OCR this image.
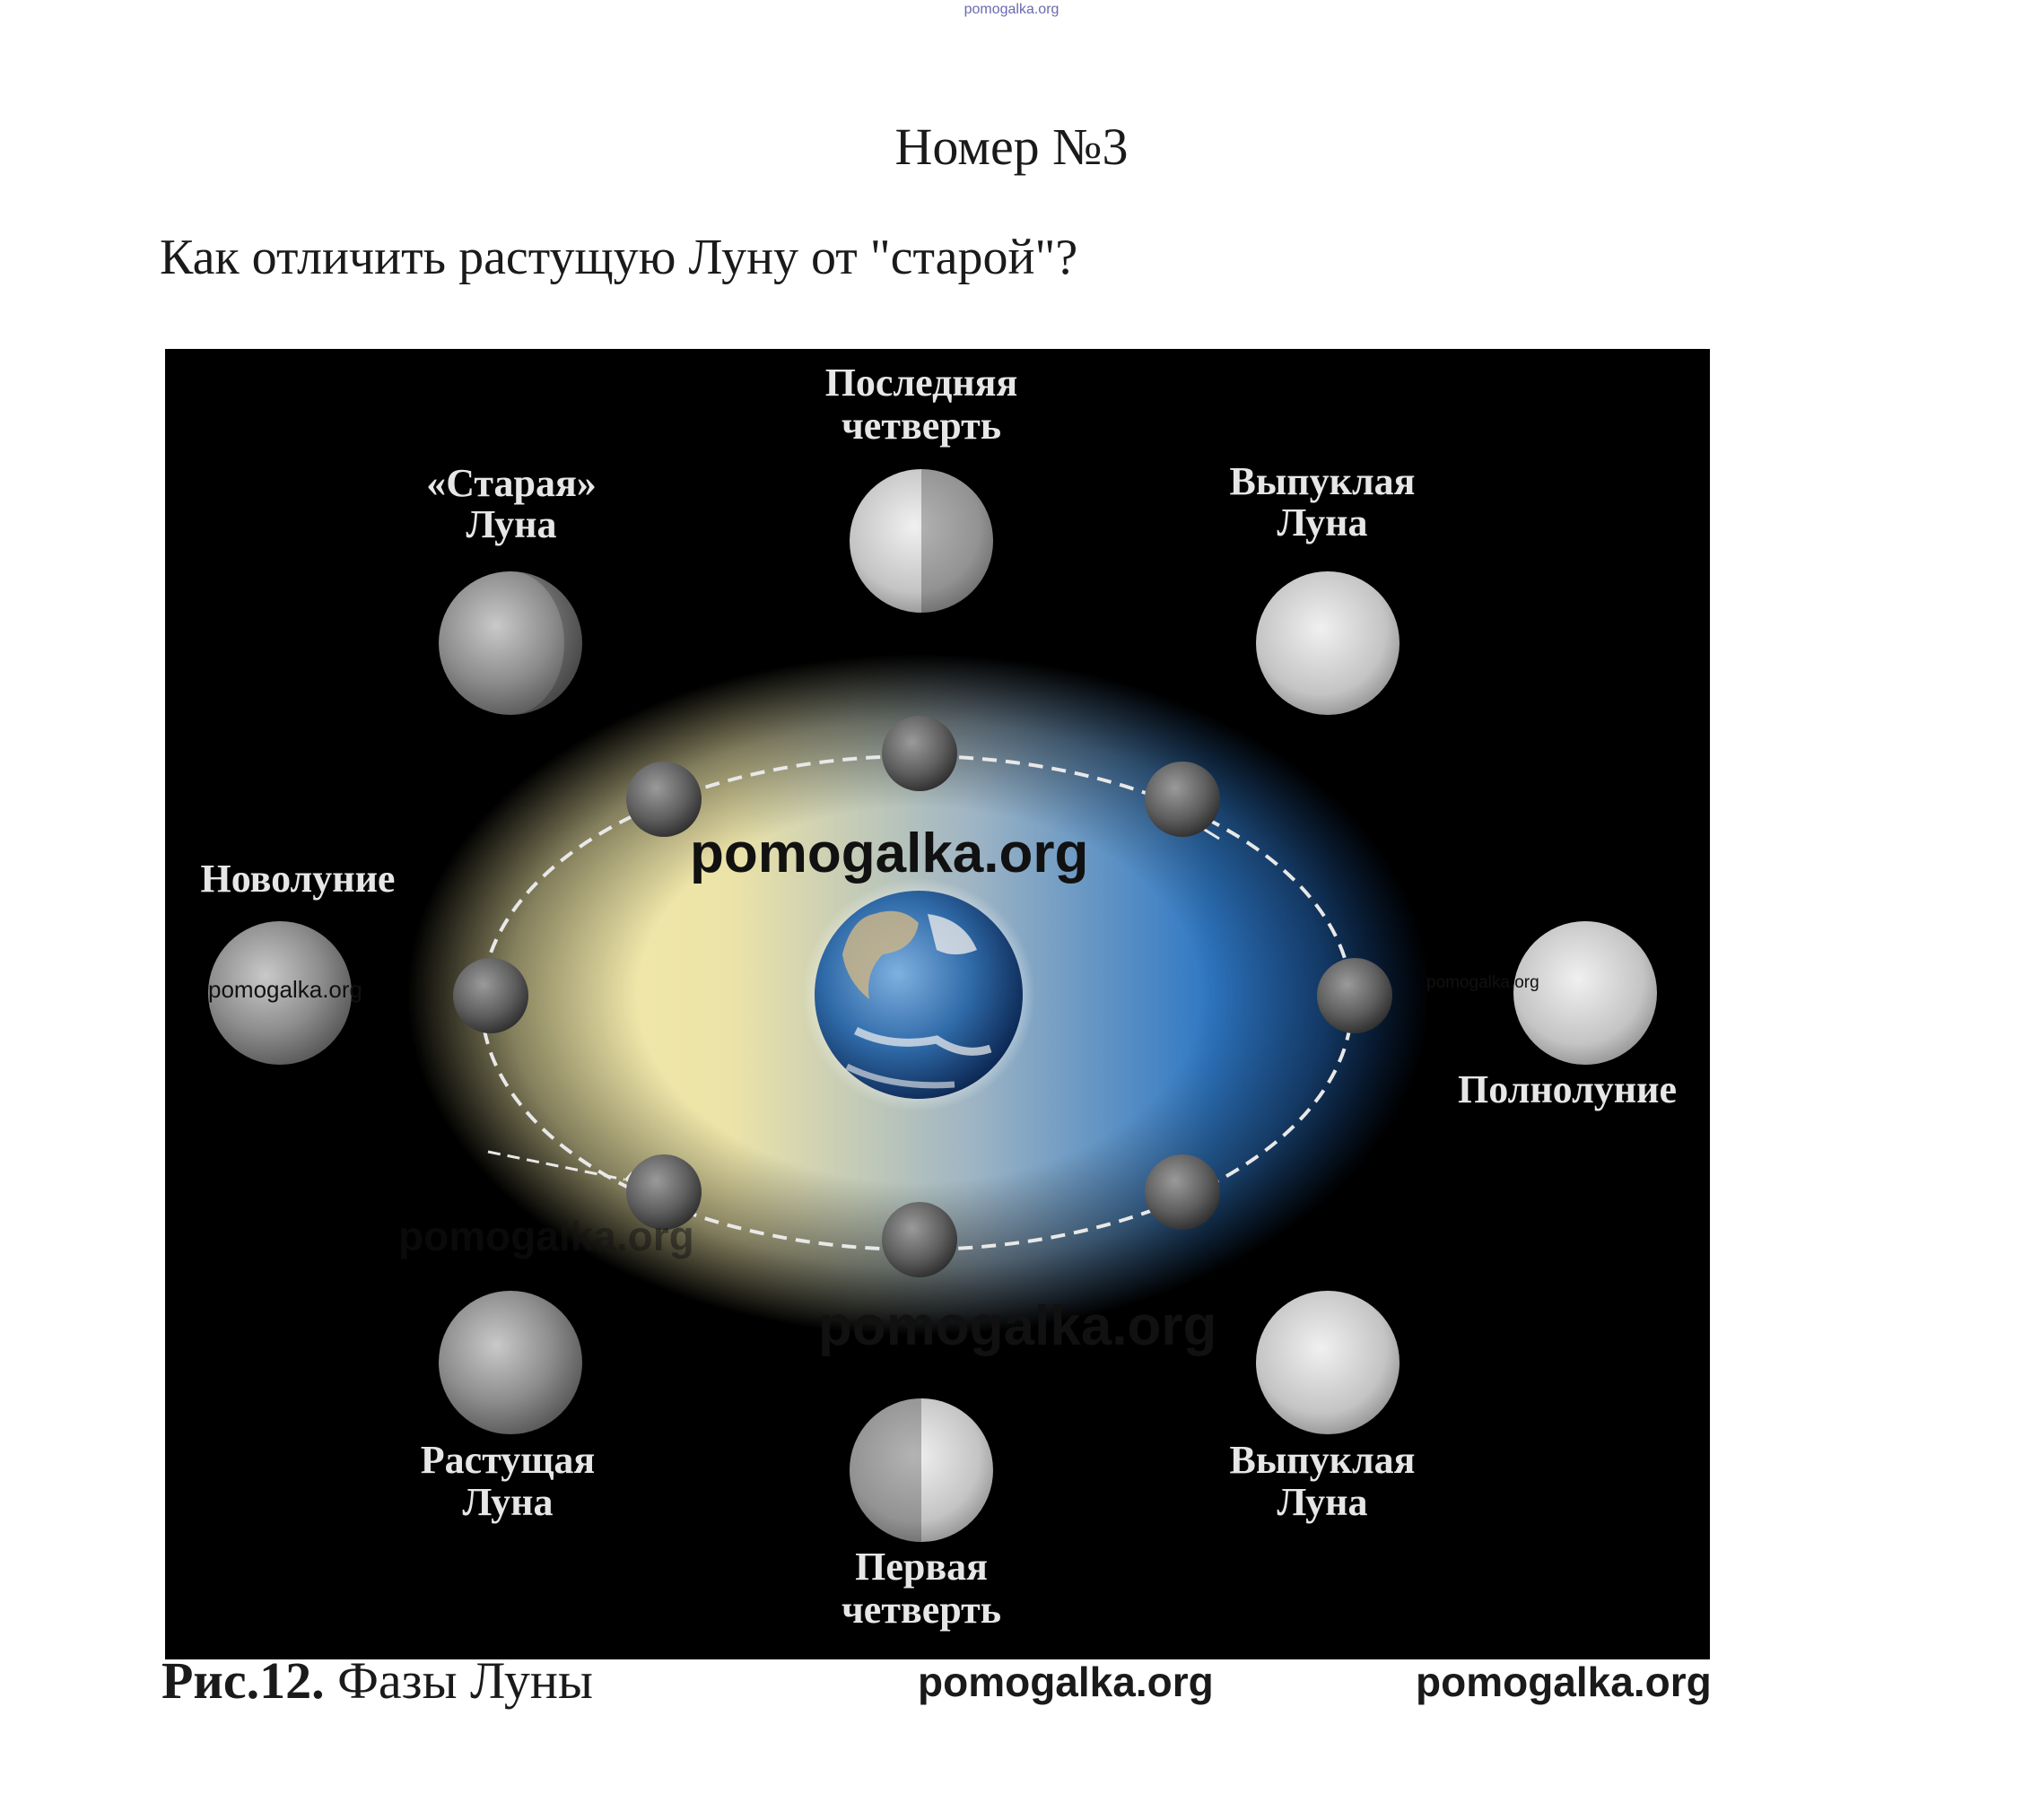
pomogalka.org
Номер №3
Как отличить растущую Луну от "старой"?
Последняя
четверть
«Старая»
Луна
Выпуклая
Луна
Новолуние
Полнолуние
Растущая
Луна
Выпуклая
Луна
Первая
четверть
pomogalka.org
pomogalka.org	pomogalka.org
pomogalka.org
pomogalka.org
Рис.12. Фазы Луны	pomogalka.org	pomogalka.org
